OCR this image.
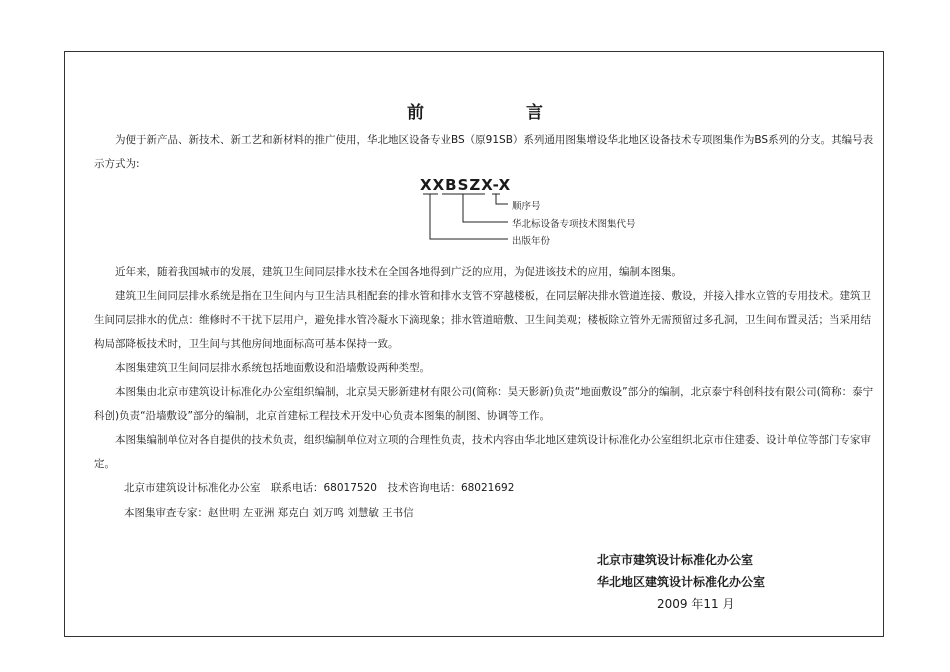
前 言

为便于新产品、新技术、新工艺和新材料的推广使用，华北地区设备专业BS（原91SB）系列通用图集增设华北地区设备技术专项图集作为BS系列的分支。其编号表示方式为:

XXBSZX-X
顺序号
华北标设备专项技术图集代号
出版年份

近年来，随着我国城市的发展，建筑卫生间同层排水技术在全国各地得到广泛的应用，为促进该技术的应用，编制本图集。

建筑卫生间同层排水系统是指在卫生间内与卫生洁具相配套的排水管和排水支管不穿越楼板，在同层解决排水管道连接、敷设，并接入排水立管的专用技术。建筑卫生间同层排水的优点：维修时不干扰下层用户，避免排水管冷凝水下滴现象；排水管道暗敷、卫生间美观；楼板除立管外无需预留过多孔洞，卫生间布置灵活；当采用结构局部降板技术时，卫生间与其他房间地面标高可基本保持一致。

本图集建筑卫生间同层排水系统包括地面敷设和沿墙敷设两种类型。

本图集由北京市建筑设计标准化办公室组织编制，北京昊天影新建材有限公司(简称：昊天影新)负责“地面敷设”部分的编制，北京泰宁科创科技有限公司(简称：泰宁科创)负责“沿墙敷设”部分的编制，北京首建标工程技术开发中心负责本图集的制图、协调等工作。

本图集编制单位对各自提供的技术负责，组织编制单位对立项的合理性负责，技术内容由华北地区建筑设计标准化办公室组织北京市住建委、设计单位等部门专家审定。

北京市建筑设计标准化办公室　联系电话：68017520　技术咨询电话：68021692
本图集审查专家：赵世明 左亚洲 郑克白 刘万鸣 刘慧敏 王书信
北京市建筑设计标准化办公室
华北地区建筑设计标准化办公室
2009 年11 月
